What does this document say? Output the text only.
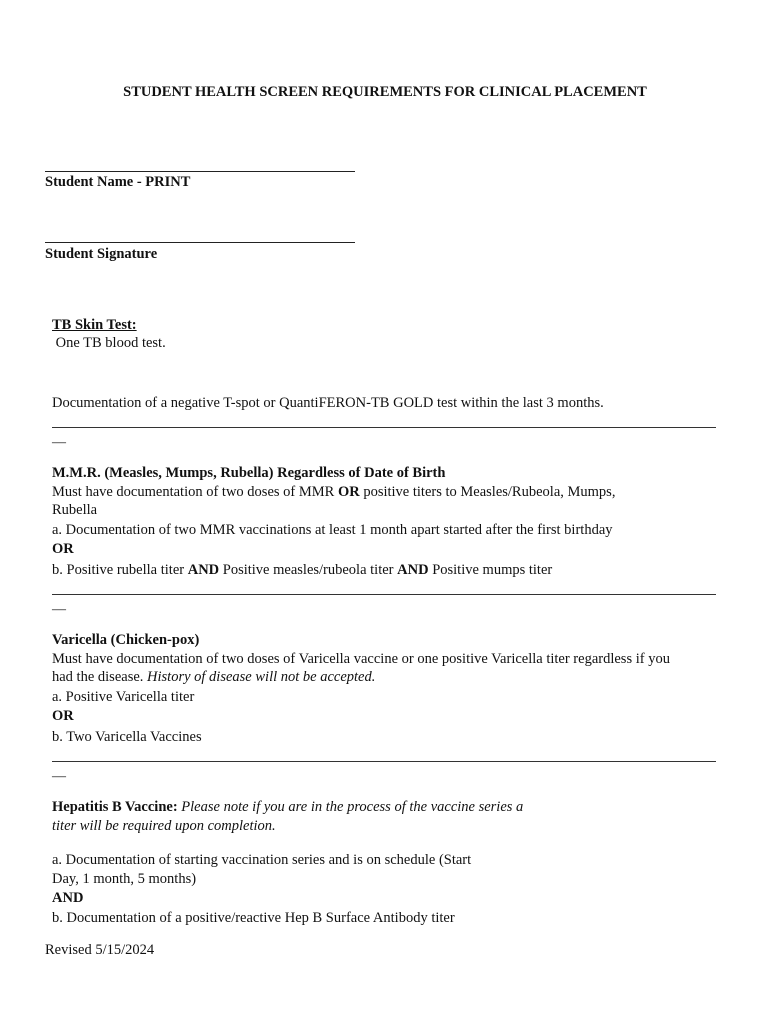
STUDENT HEALTH SCREEN REQUIREMENTS FOR CLINICAL PLACEMENT
Student Name - PRINT
Student Signature
TB Skin Test:
One TB blood test.
Documentation of a negative T-spot or QuantiFERON-TB GOLD test within the last 3 months.
—
M.M.R. (Measles, Mumps, Rubella) Regardless of Date of Birth
Must have documentation of two doses of MMR OR positive titers to Measles/Rubeola, Mumps,
Rubella
a. Documentation of two MMR vaccinations at least 1 month apart started after the first birthday
OR
b. Positive rubella titer AND Positive measles/rubeola titer AND Positive mumps titer
—
Varicella (Chicken-pox)
Must have documentation of two doses of Varicella vaccine or one positive Varicella titer regardless if you
had the disease. History of disease will not be accepted.
a. Positive Varicella titer
OR
b. Two Varicella Vaccines
—
Hepatitis B Vaccine: Please note if you are in the process of the vaccine series a
titer will be required upon completion.
a. Documentation of starting vaccination series and is on schedule (Start
Day, 1 month, 5 months)
AND
b. Documentation of a positive/reactive Hep B Surface Antibody titer
Revised 5/15/2024
